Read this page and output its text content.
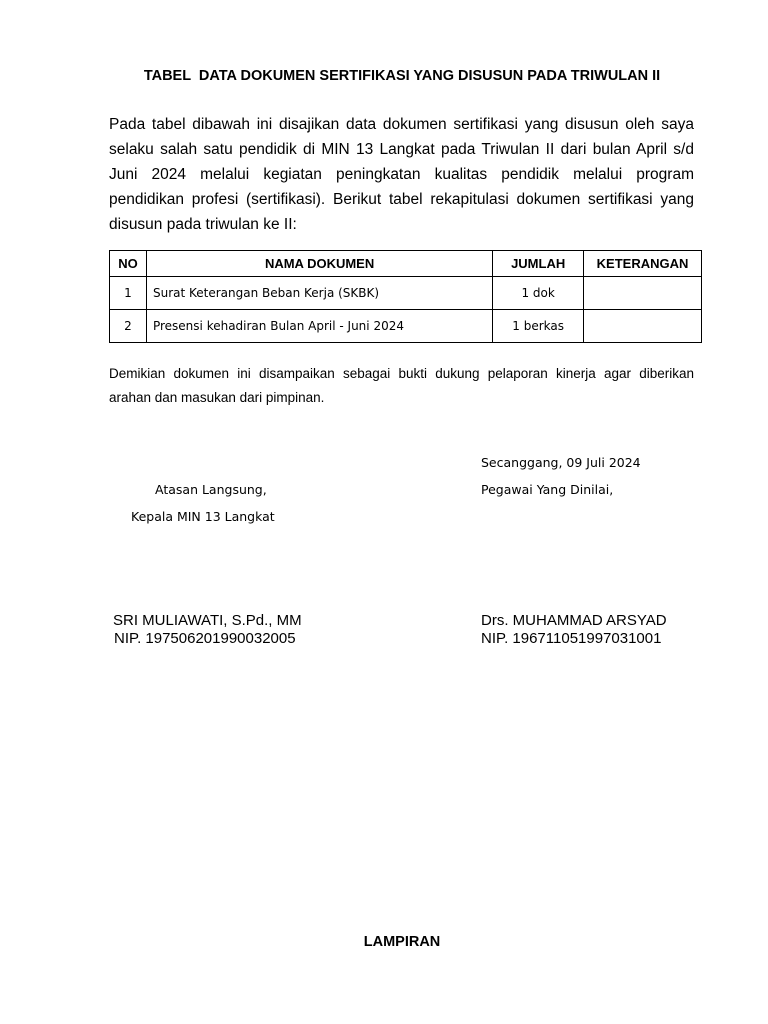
TABEL  DATA DOKUMEN SERTIFIKASI YANG DISUSUN PADA TRIWULAN II
Pada tabel dibawah ini disajikan data dokumen sertifikasi yang disusun oleh saya selaku salah satu pendidik di MIN 13 Langkat pada Triwulan II dari bulan April s/d Juni 2024 melalui kegiatan peningkatan kualitas pendidik melalui program pendidikan profesi (sertifikasi). Berikut tabel rekapitulasi dokumen sertifikasi yang disusun pada triwulan ke II:
NO	NAMA DOKUMEN	JUMLAH	KETERANGAN
1	Surat Keterangan Beban Kerja (SKBK)	1 dok	
2	Presensi kehadiran Bulan April - Juni 2024	1 berkas	
Demikian dokumen ini disampaikan sebagai bukti dukung pelaporan kinerja agar diberikan arahan dan masukan dari pimpinan.
Secanggang, 09 Juli 2024
Atasan Langsung,	Pegawai Yang Dinilai,
Kepala MIN 13 Langkat
SRI MULIAWATI, S.Pd., MM
NIP. 197506201990032005
Drs. MUHAMMAD ARSYAD
NIP. 196711051997031001
LAMPIRAN
